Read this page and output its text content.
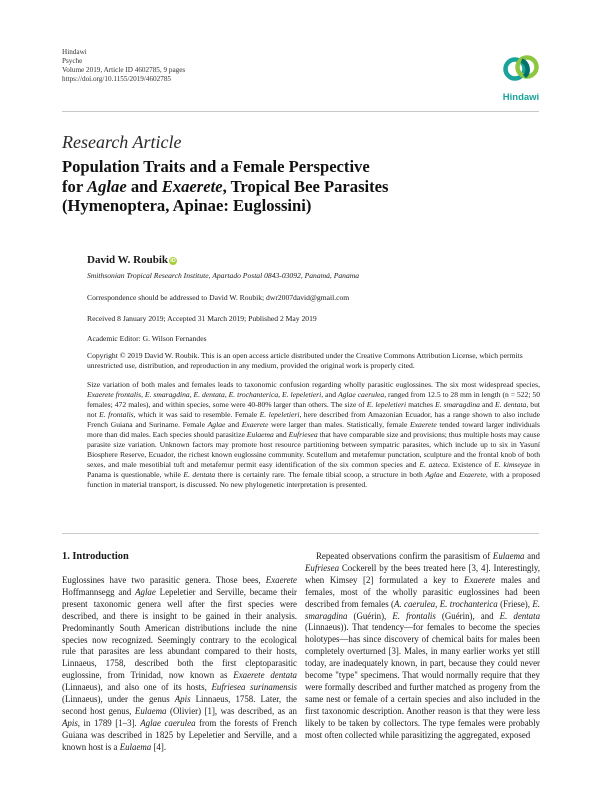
Hindawi
Psyche
Volume 2019, Article ID 4602785, 9 pages
https://doi.org/10.1155/2019/4602785
Hindawi
Research Article
Population Traits and a Female Perspective
for Aglae and Exaerete, Tropical Bee Parasites
(Hymenoptera, Apinae: Euglossini)
David W. Roubik iD
Smithsonian Tropical Research Institute, Apartado Postal 0843-03092, Panamá, Panama
Correspondence should be addressed to David W. Roubik; dwr2007david@gmail.com
Received 8 January 2019; Accepted 31 March 2019; Published 2 May 2019
Academic Editor: G. Wilson Fernandes
Copyright © 2019 David W. Roubik. This is an open access article distributed under the Creative Commons Attribution License, which permits unrestricted use, distribution, and reproduction in any medium, provided the original work is properly cited.
Size variation of both males and females leads to taxonomic confusion regarding wholly parasitic euglossines. The six most widespread species, Exaerete frontalis, E. smaragdina, E. dentata, E. trochanterica, E. lepeletieri, and Aglae caerulea, ranged from 12.5 to 28 mm in length (n = 522; 50 females; 472 males), and within species, some were 40-80% larger than others. The size of E. lepeletieri matches E. smaragdina and E. dentata, but not E. frontalis, which it was said to resemble. Female E. lepeletieri, here described from Amazonian Ecuador, has a range shown to also include French Guiana and Suriname. Female Aglae and Exaerete were larger than males. Statistically, female Exaerete tended toward larger individuals more than did males. Each species should parasitize Eulaema and Eufriesea that have comparable size and provisions; thus multiple hosts may cause parasite size variation. Unknown factors may promote host resource partitioning between sympatric parasites, which include up to six in Yasuní Biosphere Reserve, Ecuador, the richest known euglossine community. Scutellum and metafemur punctation, sculpture and the frontal knob of both sexes, and male mesotibial tuft and metafemur permit easy identification of the six common species and E. azteca. Existence of E. kimseyae in Panama is questionable, while E. dentata there is certainly rare. The female tibial scoop, a structure in both Aglae and Exaerete, with a proposed function in material transport, is discussed. No new phylogenetic interpretation is presented.
1. Introduction

Euglossines have two parasitic genera. Those bees, Exaerete Hoffmannsegg and Aglae Lepeletier and Serville, became their present taxonomic genera well after the first species were described, and there is insight to be gained in their analysis. Predominantly South American distributions include the nine species now recognized. Seemingly contrary to the ecological rule that parasites are less abundant compared to their hosts, Linnaeus, 1758, described both the first cleptoparasitic euglossine, from Trinidad, now known as Exaerete dentata (Linnaeus), and also one of its hosts, Eufriesea surinamensis (Linnaeus), under the genus Apis Linnaeus, 1758. Later, the second host genus, Eulaema (Olivier) [1], was described, as an Apis, in 1789 [1–3]. Aglae caerulea from the forests of French Guiana was described in 1825 by Lepeletier and Serville, and a known host is a Eulaema [4].

Repeated observations confirm the parasitism of Eulaema and Eufriesea Cockerell by the bees treated here [3, 4]. Interestingly, when Kimsey [2] formulated a key to Exaerete males and females, most of the wholly parasitic euglossines had been described from females (A. caerulea, E. trochanterica (Friese), E. smaragdina (Guérin), E. frontalis (Guérin), and E. dentata (Linnaeus)). That tendency—for females to become the species holotypes—has since discovery of chemical baits for males been completely overturned [3]. Males, in many earlier works yet still today, are inadequately known, in part, because they could never become "type" specimens. That would normally require that they were formally described and further matched as progeny from the same nest or female of a certain species and also included in the first taxonomic description. Another reason is that they were less likely to be taken by collectors. The type females were probably most often collected while parasitizing the aggregated, exposed
